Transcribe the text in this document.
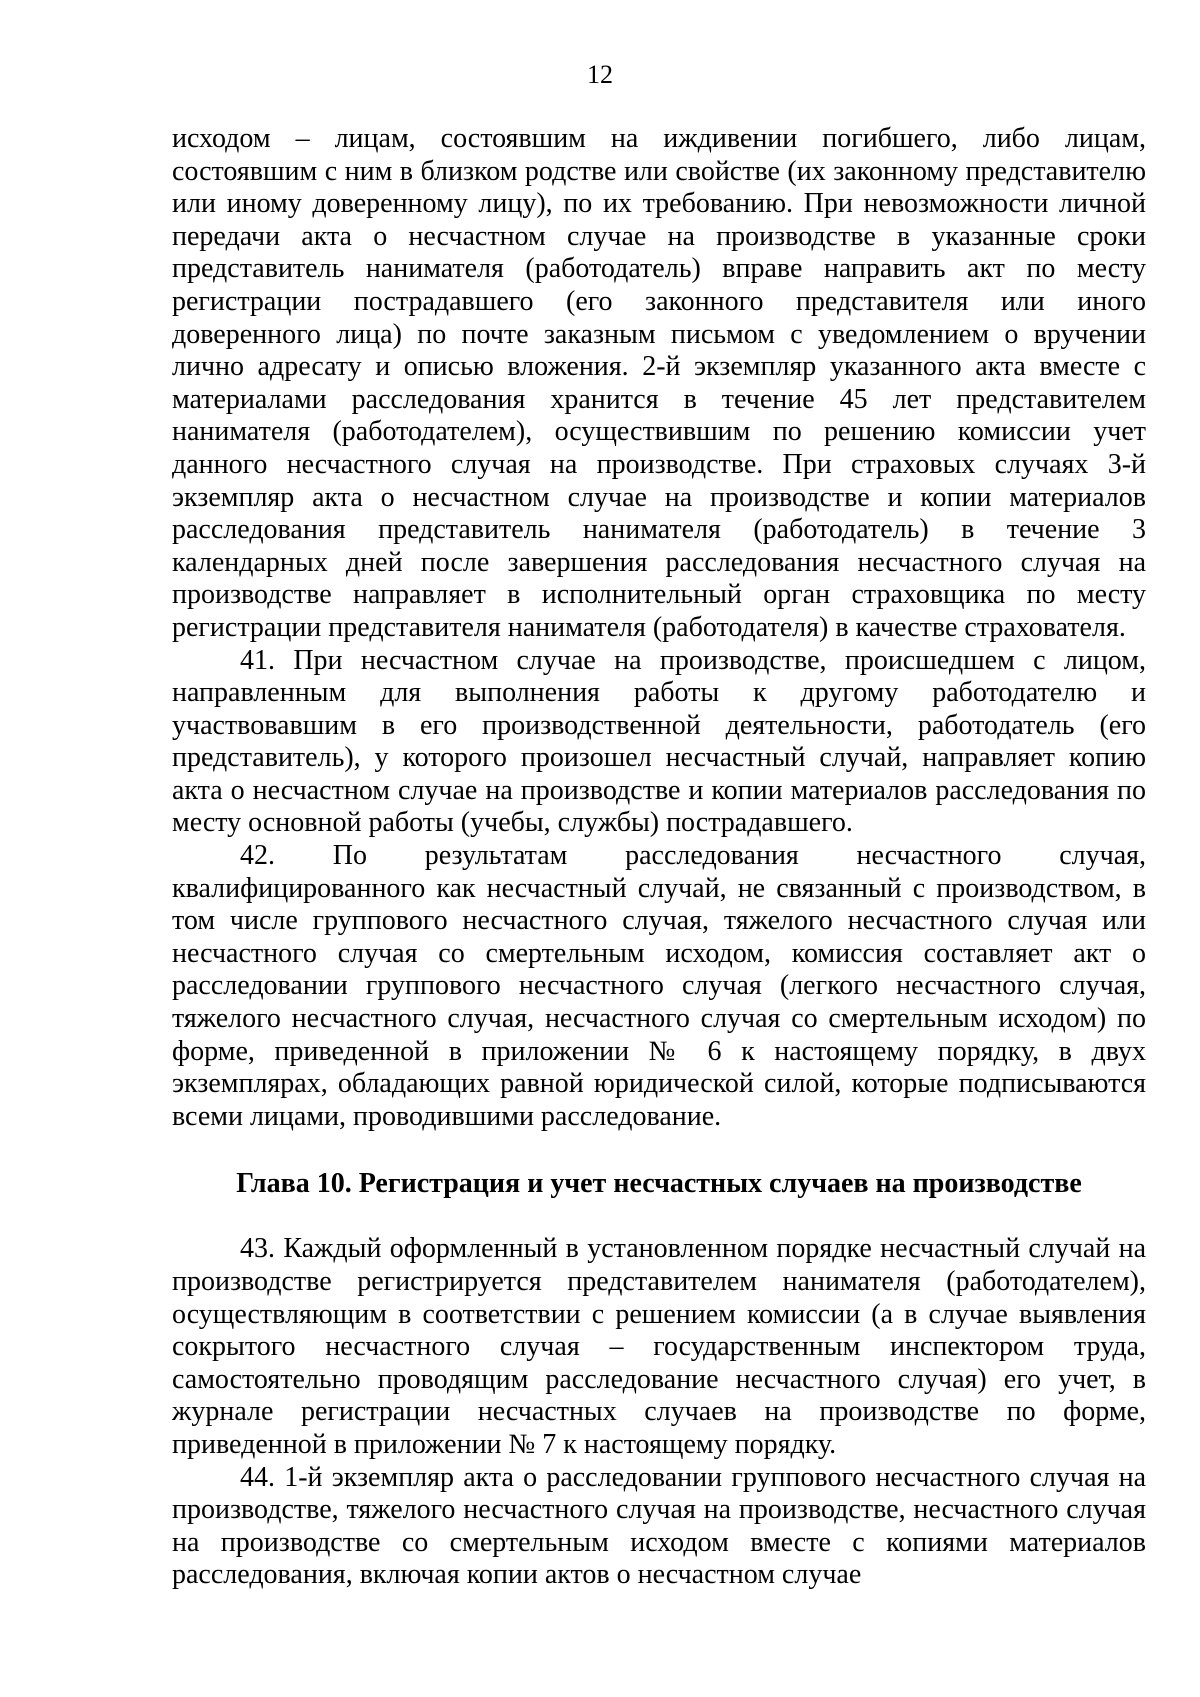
12

исходом – лицам, состоявшим на иждивении погибшего, либо лицам, состоявшим с ним в близком родстве или свойстве (их законному представителю или иному доверенному лицу), по их требованию. При невозможности личной передачи акта о несчастном случае на производстве в указанные сроки представитель нанимателя (работодатель) вправе направить акт по месту регистрации пострадавшего (его законного представителя или иного доверенного лица) по почте заказным письмом с уведомлением о вручении лично адресату и описью вложения. 2-й экземпляр указанного акта вместе с материалами расследования хранится в течение 45 лет представителем нанимателя (работодателем), осуществившим по решению комиссии учет данного несчастного случая на производстве. При страховых случаях 3-й экземпляр акта о несчастном случае на производстве и копии материалов расследования представитель нанимателя (работодатель) в течение 3 календарных дней после завершения расследования несчастного случая на производстве направляет в исполнительный орган страховщика по месту регистрации представителя нанимателя (работодателя) в качестве страхователя.

41. При несчастном случае на производстве, происшедшем с лицом, направленным для выполнения работы к другому работодателю и участвовавшим в его производственной деятельности, работодатель (его представитель), у которого произошел несчастный случай, направляет копию акта о несчастном случае на производстве и копии материалов расследования по месту основной работы (учебы, службы) пострадавшего.

42. По результатам расследования несчастного случая, квалифицированного как несчастный случай, не связанный с производством, в том числе группового несчастного случая, тяжелого несчастного случая или несчастного случая со смертельным исходом, комиссия составляет акт о расследовании группового несчастного случая (легкого несчастного случая, тяжелого несчастного случая, несчастного случая со смертельным исходом) по форме, приведенной в приложении № 6 к настоящему порядку, в двух экземплярах, обладающих равной юридической силой, которые подписываются всеми лицами, проводившими расследование.

Глава 10. Регистрация и учет несчастных случаев на производстве

43. Каждый оформленный в установленном порядке несчастный случай на производстве регистрируется представителем нанимателя (работодателем), осуществляющим в соответствии с решением комиссии (а в случае выявления сокрытого несчастного случая – государственным инспектором труда, самостоятельно проводящим расследование несчастного случая) его учет, в журнале регистрации несчастных случаев на производстве по форме, приведенной в приложении № 7 к настоящему порядку.

44. 1-й экземпляр акта о расследовании группового несчастного случая на производстве, тяжелого несчастного случая на производстве, несчастного случая на производстве со смертельным исходом вместе с копиями материалов расследования, включая копии актов о несчастном случае
